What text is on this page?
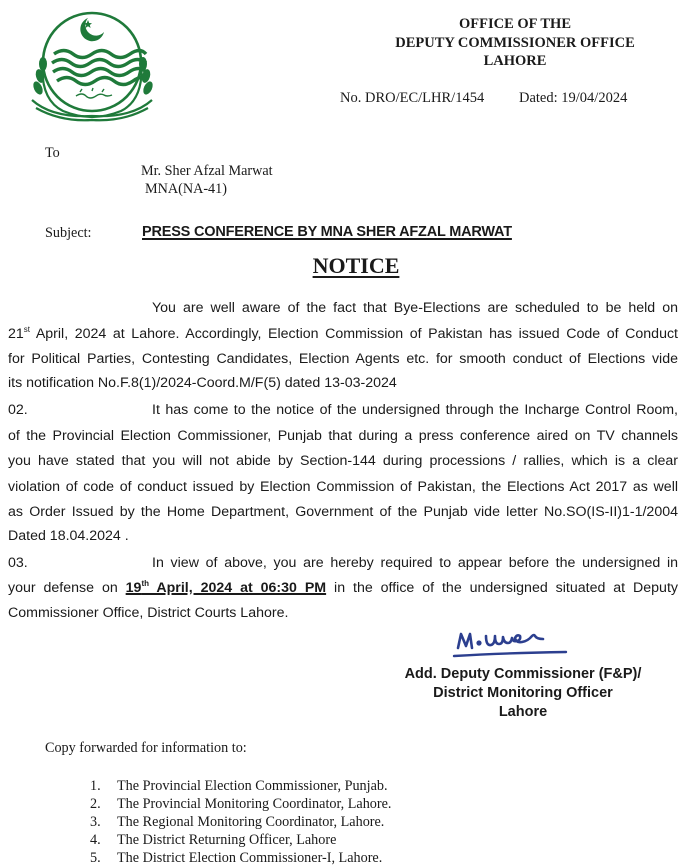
OFFICE OF THE
DEPUTY COMMISSIONER OFFICE
LAHORE
No. DRO/EC/LHR/1454 Dated: 19/04/2024
To
Mr. Sher Afzal Marwat
MNA(NA-41)
Subject:	PRESS CONFERENCE BY MNA SHER AFZAL MARWAT
NOTICE
You are well aware of the fact that Bye-Elections are scheduled to be held on
21st April, 2024 at Lahore. Accordingly, Election Commission of Pakistan has issued Code of Conduct
for Political Parties, Contesting Candidates, Election Agents etc. for smooth conduct of Elections vide
its notification No.F.8(1)/2024-Coord.M/F(5) dated 13-03-2024
02.	It has come to the notice of the undersigned through the Incharge Control Room,
of the Provincial Election Commissioner, Punjab that during a press conference aired on TV channels
you have stated that you will not abide by Section-144 during processions / rallies, which is a clear
violation of code of conduct issued by Election Commission of Pakistan, the Elections Act 2017 as well
as Order Issued by the Home Department, Government of the Punjab vide letter No.SO(IS-II)1-1/2004
Dated 18.04.2024 .
03.	In view of above, you are hereby required to appear before the undersigned in
your defense on 19th April, 2024 at 06:30 PM in the office of the undersigned situated at Deputy
Commissioner Office, District Courts Lahore.
Add. Deputy Commissioner (F&P)/
District Monitoring Officer
Lahore
Copy forwarded for information to:
1. The Provincial Election Commissioner, Punjab.
2. The Provincial Monitoring Coordinator, Lahore.
3. The Regional Monitoring Coordinator, Lahore.
4. The District Returning Officer, Lahore
5. The District Election Commissioner-I, Lahore.
